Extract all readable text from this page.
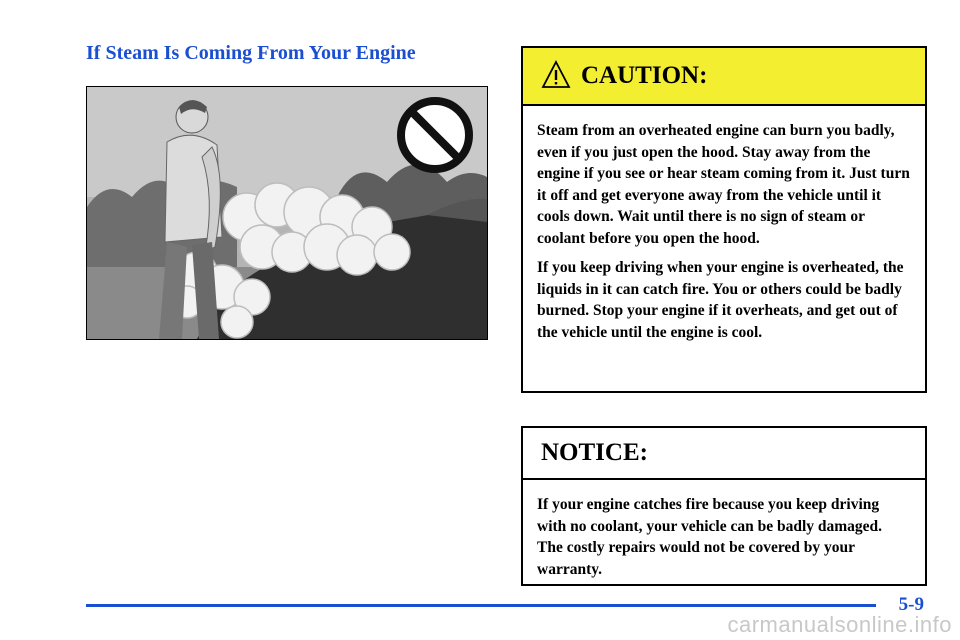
If Steam Is Coming From Your Engine
CAUTION:

Steam from an overheated engine can burn you badly, even if you just open the hood. Stay away from the engine if you see or hear steam coming from it. Just turn it off and get everyone away from the vehicle until it cools down. Wait until there is no sign of steam or coolant before you open the hood.

If you keep driving when your engine is overheated, the liquids in it can catch fire. You or others could be badly burned. Stop your engine if it overheats, and get out of the vehicle until the engine is cool.

NOTICE:

If your engine catches fire because you keep driving with no coolant, your vehicle can be badly damaged. The costly repairs would not be covered by your warranty.

5-9
carmanualsonline.info
